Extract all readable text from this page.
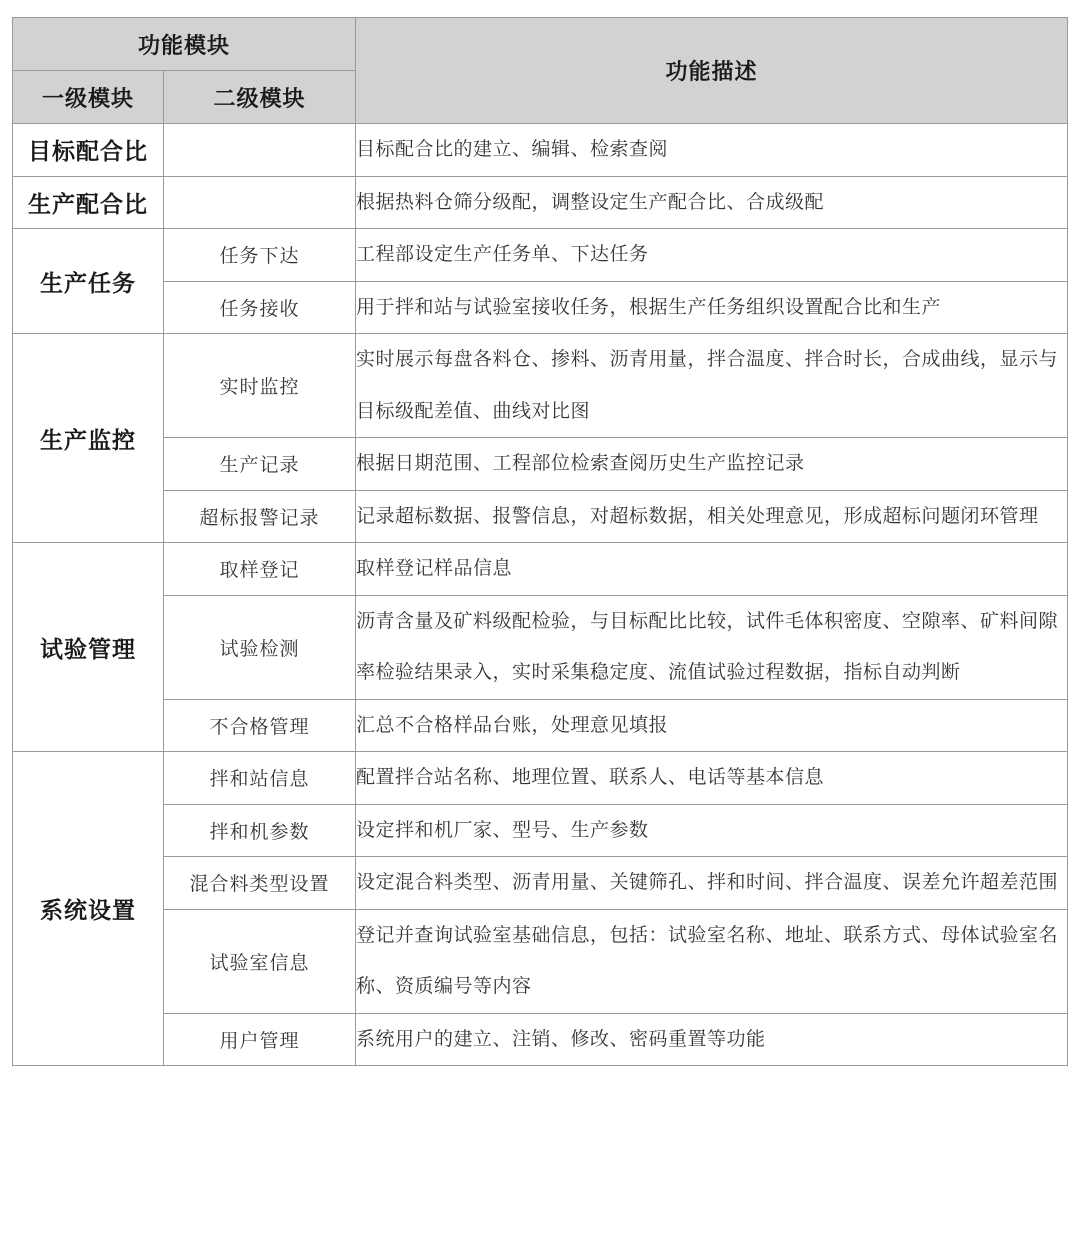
功能模块		功能描述
一级模块	二级模块	
目标配合比		目标配合比的建立、编辑、检索查阅
生产配合比		根据热料仓筛分级配，调整设定生产配合比、合成级配
生产任务	任务下达	工程部设定生产任务单、下达任务
	任务接收	用于拌和站与试验室接收任务，根据生产任务组织设置配合比和生产
生产监控	实时监控	实时展示每盘各料仓、掺料、沥青用量，拌合温度、拌合时长，合成曲线，显示与目标级配差值、曲线对比图
	生产记录	根据日期范围、工程部位检索查阅历史生产监控记录
	超标报警记录	记录超标数据、报警信息，对超标数据，相关处理意见，形成超标问题闭环管理
试验管理	取样登记	取样登记样品信息
	试验检测	沥青含量及矿料级配检验，与目标配比比较，试件毛体积密度、空隙率、矿料间隙率检验结果录入，实时采集稳定度、流值试验过程数据，指标自动判断
	不合格管理	汇总不合格样品台账，处理意见填报
系统设置	拌和站信息	配置拌合站名称、地理位置、联系人、电话等基本信息
	拌和机参数	设定拌和机厂家、型号、生产参数
	混合料类型设置	设定混合料类型、沥青用量、关键筛孔、拌和时间、拌合温度、误差允许超差范围
	试验室信息	登记并查询试验室基础信息，包括：试验室名称、地址、联系方式、母体试验室名称、资质编号等内容
	用户管理	系统用户的建立、注销、修改、密码重置等功能
